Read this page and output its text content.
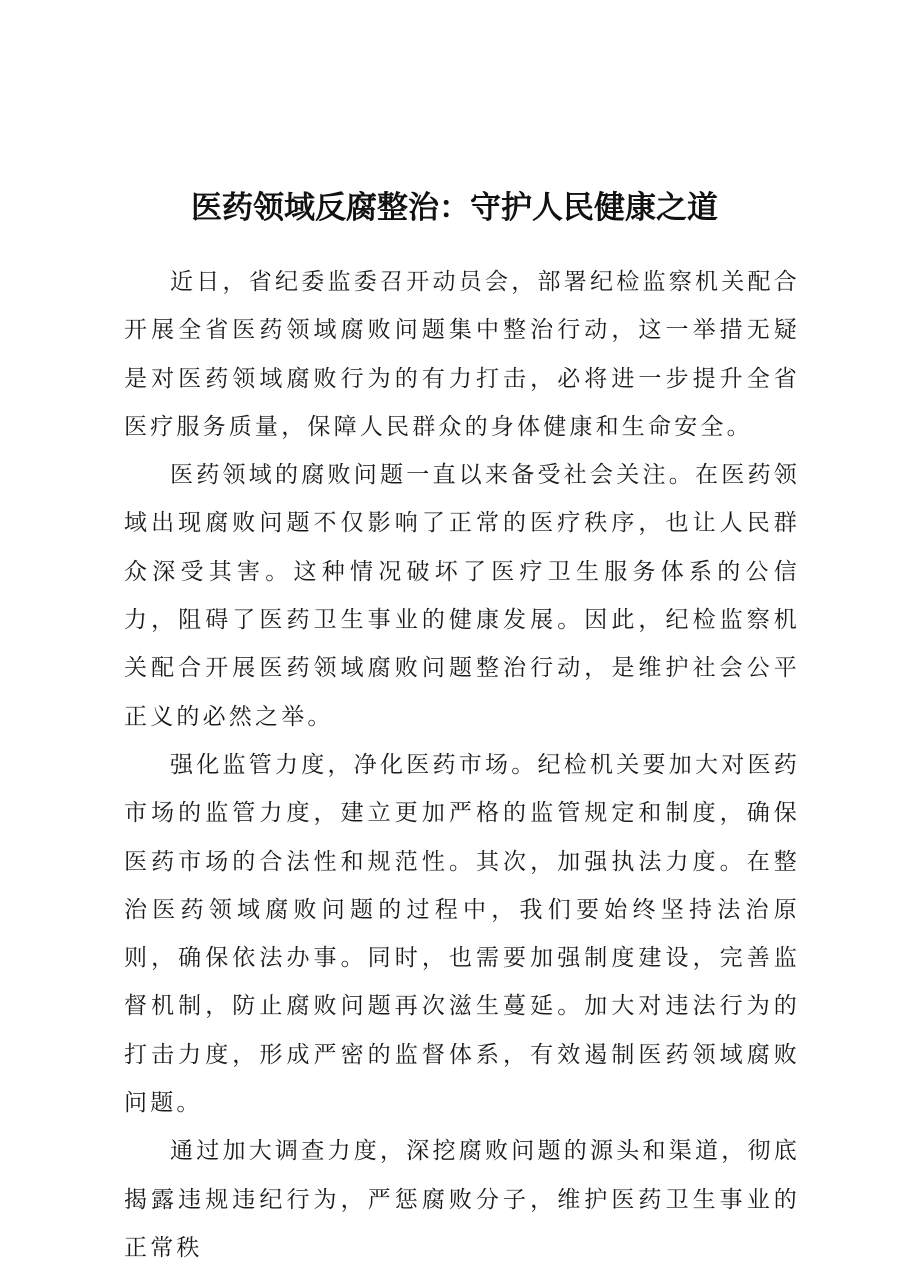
医药领域反腐整治：守护人民健康之道

近日，省纪委监委召开动员会，部署纪检监察机关配合开展全省医药领域腐败问题集中整治行动，这一举措无疑是对医药领域腐败行为的有力打击，必将进一步提升全省医疗服务质量，保障人民群众的身体健康和生命安全。

医药领域的腐败问题一直以来备受社会关注。在医药领域出现腐败问题不仅影响了正常的医疗秩序，也让人民群众深受其害。这种情况破坏了医疗卫生服务体系的公信力，阻碍了医药卫生事业的健康发展。因此，纪检监察机关配合开展医药领域腐败问题整治行动，是维护社会公平正义的必然之举。

强化监管力度，净化医药市场。纪检机关要加大对医药市场的监管力度，建立更加严格的监管规定和制度，确保医药市场的合法性和规范性。其次，加强执法力度。在整治医药领域腐败问题的过程中，我们要始终坚持法治原则，确保依法办事。同时，也需要加强制度建设，完善监督机制，防止腐败问题再次滋生蔓延。加大对违法行为的打击力度，形成严密的监督体系，有效遏制医药领域腐败问题。

通过加大调查力度，深挖腐败问题的源头和渠道，彻底揭露违规违纪行为，严惩腐败分子，维护医药卫生事业的正常秩
